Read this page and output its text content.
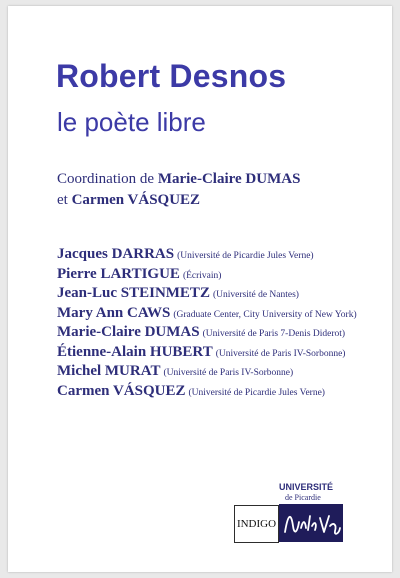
Robert Desnos
le poète libre
Coordination de Marie-Claire DUMAS
et Carmen VÁSQUEZ
Jacques DARRAS (Université de Picardie Jules Verne)
Pierre LARTIGUE (Écrivain)
Jean-Luc STEINMETZ (Université de Nantes)
Mary Ann CAWS (Graduate Center, City University of New York)
Marie-Claire DUMAS (Université de Paris 7-Denis Diderot)
Étienne-Alain HUBERT (Université de Paris IV-Sorbonne)
Michel MURAT (Université de Paris IV-Sorbonne)
Carmen VÁSQUEZ (Université de Picardie Jules Verne)
INDIGO
UNIVERSITÉ
de Picardie
